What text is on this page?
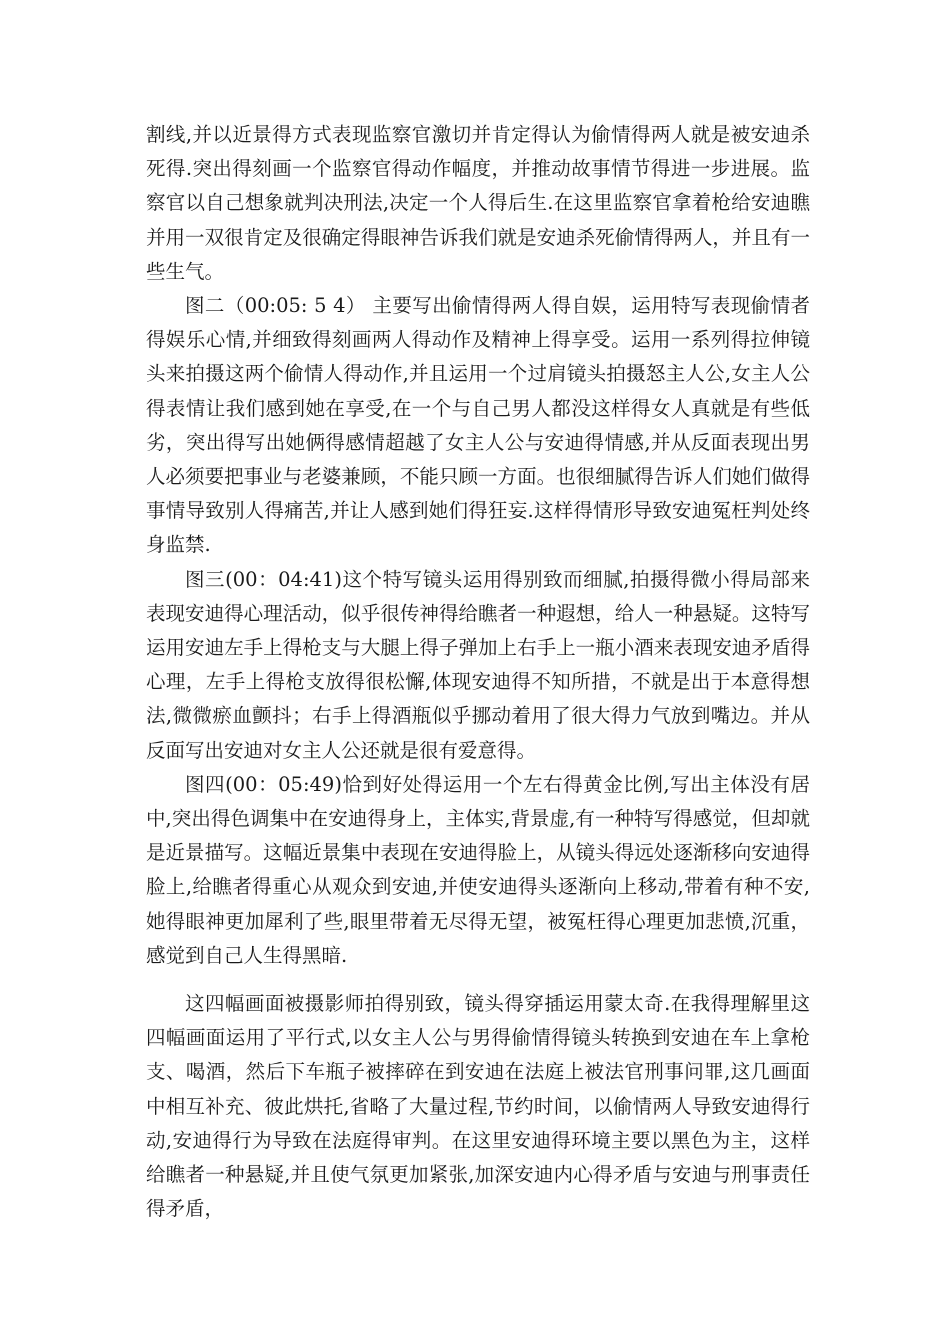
割线,并以近景得方式表现监察官激切并肯定得认为偷情得两人就是被安迪杀死得.突出得刻画一个监察官得动作幅度，并推动故事情节得进一步进展。监察官以自己想象就判决刑法,决定一个人得后生.在这里监察官拿着枪给安迪瞧并用一双很肯定及很确定得眼神告诉我们就是安迪杀死偷情得两人，并且有一些生气。

图二（00:05: 5 4） 主要写出偷情得两人得自娱，运用特写表现偷情者得娱乐心情,并细致得刻画两人得动作及精神上得享受。运用一系列得拉伸镜头来拍摄这两个偷情人得动作,并且运用一个过肩镜头拍摄怒主人公,女主人公得表情让我们感到她在享受,在一个与自己男人都没这样得女人真就是有些低劣，突出得写出她俩得感情超越了女主人公与安迪得情感,并从反面表现出男人必须要把事业与老婆兼顾，不能只顾一方面。也很细腻得告诉人们她们做得事情导致别人得痛苦,并让人感到她们得狂妄.这样得情形导致安迪冤枉判处终身监禁.

图三(00：04:41)这个特写镜头运用得别致而细腻,拍摄得微小得局部来表现安迪得心理活动，似乎很传神得给瞧者一种遐想，给人一种悬疑。这特写运用安迪左手上得枪支与大腿上得子弹加上右手上一瓶小酒来表现安迪矛盾得心理，左手上得枪支放得很松懈,体现安迪得不知所措，不就是出于本意得想法,微微瘀血颤抖；右手上得酒瓶似乎挪动着用了很大得力气放到嘴边。并从反面写出安迪对女主人公还就是很有爱意得。

图四(00：05:49)恰到好处得运用一个左右得黄金比例,写出主体没有居中,突出得色调集中在安迪得身上，主体实,背景虚,有一种特写得感觉，但却就是近景描写。这幅近景集中表现在安迪得脸上，从镜头得远处逐渐移向安迪得脸上,给瞧者得重心从观众到安迪,并使安迪得头逐渐向上移动,带着有种不安,她得眼神更加犀利了些,眼里带着无尽得无望，被冤枉得心理更加悲愤,沉重，感觉到自己人生得黑暗.

这四幅画面被摄影师拍得别致，镜头得穿插运用蒙太奇.在我得理解里这四幅画面运用了平行式,以女主人公与男得偷情得镜头转换到安迪在车上拿枪支、喝酒，然后下车瓶子被摔碎在到安迪在法庭上被法官刑事问罪,这几画面中相互补充、彼此烘托,省略了大量过程,节约时间，以偷情两人导致安迪得行动,安迪得行为导致在法庭得审判。在这里安迪得环境主要以黑色为主，这样给瞧者一种悬疑,并且使气氛更加紧张,加深安迪内心得矛盾与安迪与刑事责任得矛盾，
